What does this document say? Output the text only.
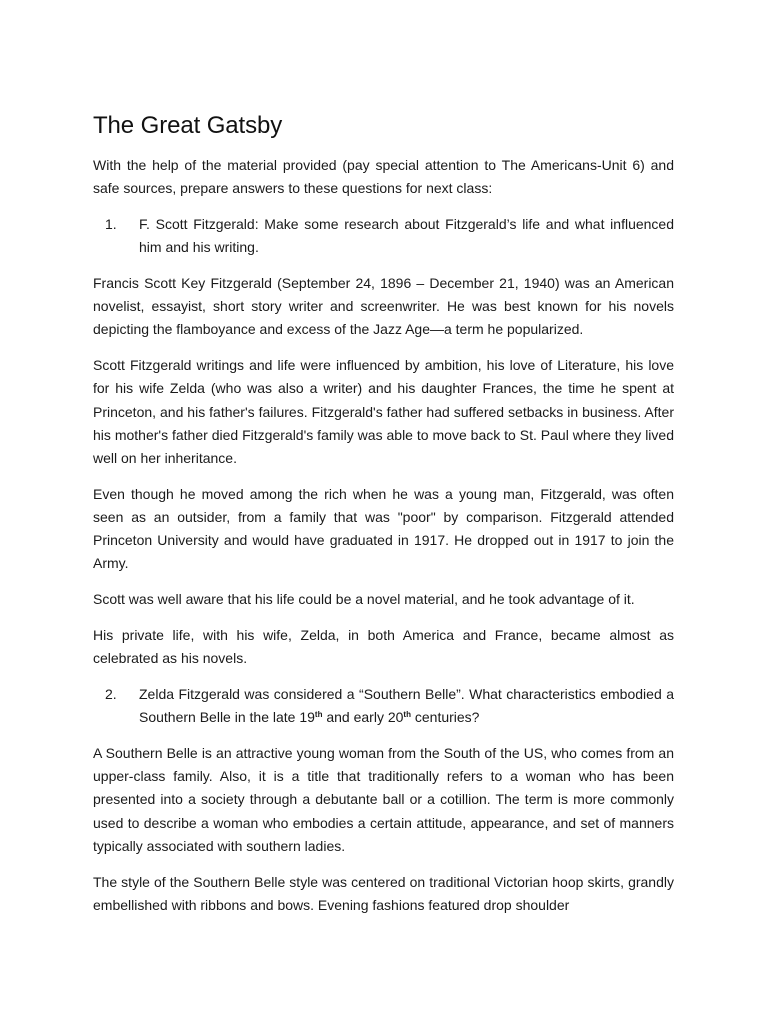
The Great Gatsby

With the help of the material provided (pay special attention to The Americans-Unit 6) and safe sources, prepare answers to these questions for next class:

1.	F. Scott Fitzgerald: Make some research about Fitzgerald’s life and what influenced him and his writing.

Francis Scott Key Fitzgerald (September 24, 1896 – December 21, 1940) was an American novelist, essayist, short story writer and screenwriter. He was best known for his novels depicting the flamboyance and excess of the Jazz Age—a term he popularized.

Scott Fitzgerald writings and life were influenced by ambition, his love of Literature, his love for his wife Zelda (who was also a writer) and his daughter Frances, the time he spent at Princeton, and his father's failures. Fitzgerald's father had suffered setbacks in business. After his mother's father died Fitzgerald's family was able to move back to St. Paul where they lived well on her inheritance.

Even though he moved among the rich when he was a young man, Fitzgerald, was often seen as an outsider, from a family that was "poor" by comparison. Fitzgerald attended Princeton University and would have graduated in 1917. He dropped out in 1917 to join the Army.

Scott was well aware that his life could be a novel material, and he took advantage of it.

His private life, with his wife, Zelda, in both America and France, became almost as celebrated as his novels.

2.	Zelda Fitzgerald was considered a “Southern Belle”. What characteristics embodied a Southern Belle in the late 19th and early 20th centuries?

A Southern Belle is an attractive young woman from the South of the US, who comes from an upper-class family. Also, it is a title that traditionally refers to a woman who has been presented into a society through a debutante ball or a cotillion. The term is more commonly used to describe a woman who embodies a certain attitude, appearance, and set of manners typically associated with southern ladies.

The style of the Southern Belle style was centered on traditional Victorian hoop skirts, grandly embellished with ribbons and bows. Evening fashions featured drop shoulder
